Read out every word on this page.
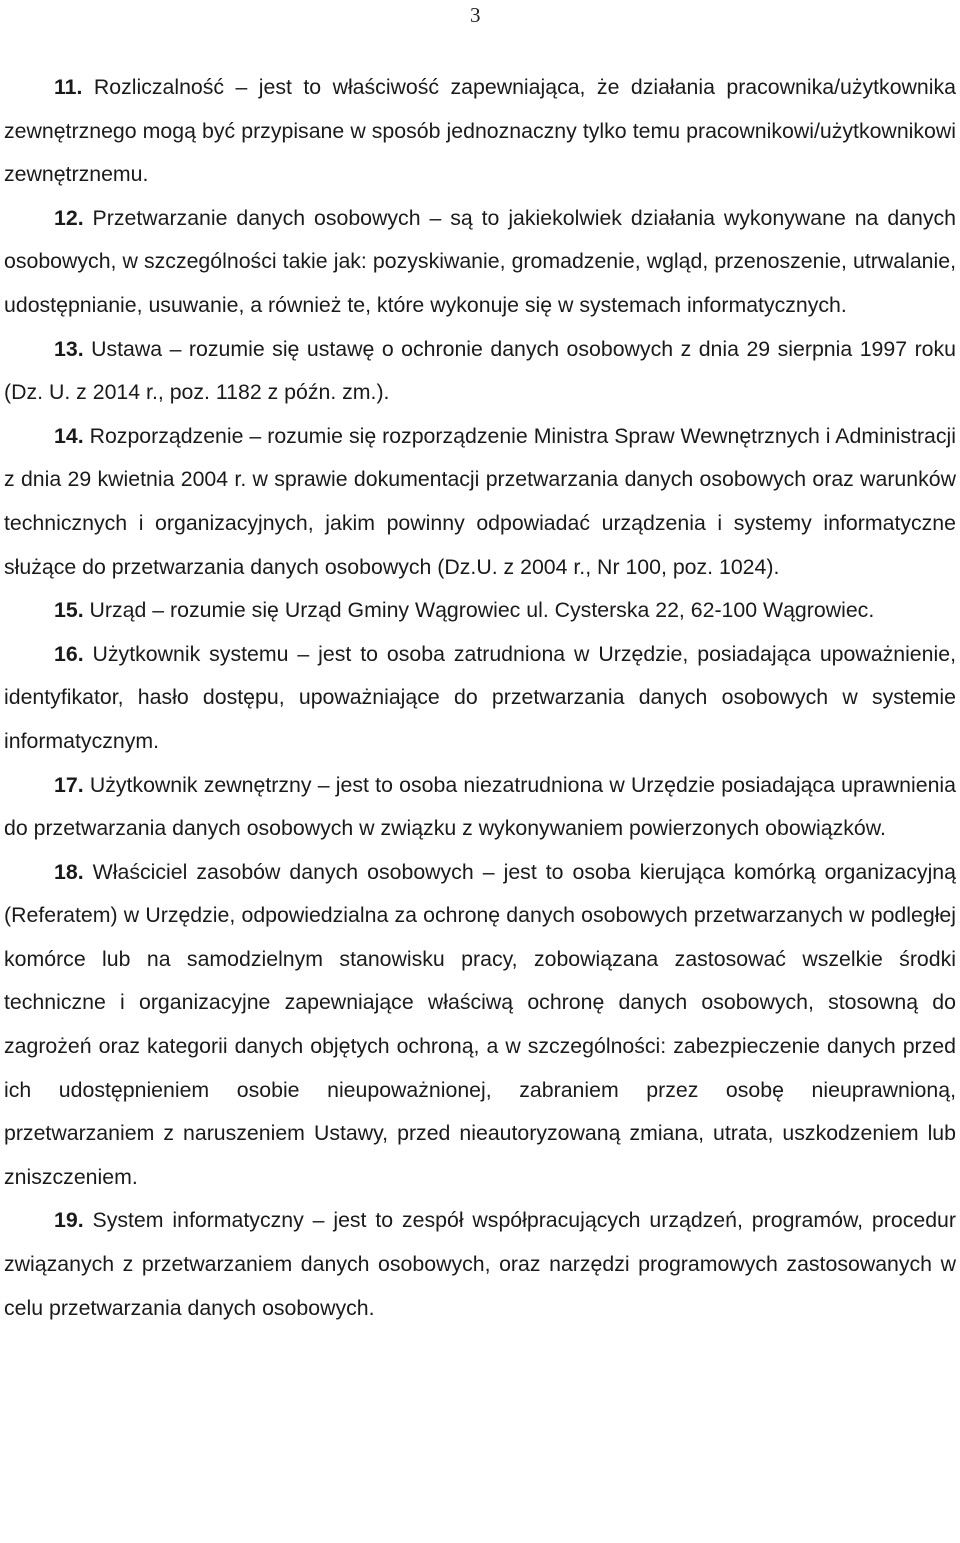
3

11. Rozliczalność – jest to właściwość zapewniająca, że działania pracownika/użytkownika zewnętrznego mogą być przypisane w sposób jednoznaczny tylko temu pracownikowi/użytkownikowi zewnętrznemu.

12. Przetwarzanie danych osobowych – są to jakiekolwiek działania wykonywane na danych osobowych, w szczególności takie jak: pozyskiwanie, gromadzenie, wgląd, przenoszenie, utrwalanie, udostępnianie, usuwanie, a również te, które wykonuje się w systemach informatycznych.

13. Ustawa – rozumie się ustawę o ochronie danych osobowych z dnia 29 sierpnia 1997 roku (Dz. U. z 2014 r., poz. 1182 z późn. zm.).

14. Rozporządzenie – rozumie się rozporządzenie Ministra Spraw Wewnętrznych i Administracji z dnia 29 kwietnia 2004 r. w sprawie dokumentacji przetwarzania danych osobowych oraz warunków technicznych i organizacyjnych, jakim powinny odpowiadać urządzenia i systemy informatyczne służące do przetwarzania danych osobowych (Dz.U. z 2004 r., Nr 100, poz. 1024).

15. Urząd – rozumie się Urząd Gminy Wągrowiec ul. Cysterska 22, 62-100 Wągrowiec.

16. Użytkownik systemu – jest to osoba zatrudniona w Urzędzie, posiadająca upoważnienie, identyfikator, hasło dostępu, upoważniające do przetwarzania danych osobowych w systemie informatycznym.

17. Użytkownik zewnętrzny – jest to osoba niezatrudniona w Urzędzie posiadająca uprawnienia do przetwarzania danych osobowych w związku z wykonywaniem powierzonych obowiązków.

18. Właściciel zasobów danych osobowych – jest to osoba kierująca komórką organizacyjną (Referatem) w Urzędzie, odpowiedzialna za ochronę danych osobowych przetwarzanych w podległej komórce lub na samodzielnym stanowisku pracy, zobowiązana zastosować wszelkie środki techniczne i organizacyjne zapewniające właściwą ochronę danych osobowych, stosowną do zagrożeń oraz kategorii danych objętych ochroną, a w szczególności: zabezpieczenie danych przed ich udostępnieniem osobie nieupoważnionej, zabraniem przez osobę nieuprawnioną, przetwarzaniem z naruszeniem Ustawy, przed nieautoryzowaną zmiana, utrata, uszkodzeniem lub zniszczeniem.

19. System informatyczny – jest to zespół współpracujących urządzeń, programów, procedur związanych z przetwarzaniem danych osobowych, oraz narzędzi programowych zastosowanych w celu przetwarzania danych osobowych.
